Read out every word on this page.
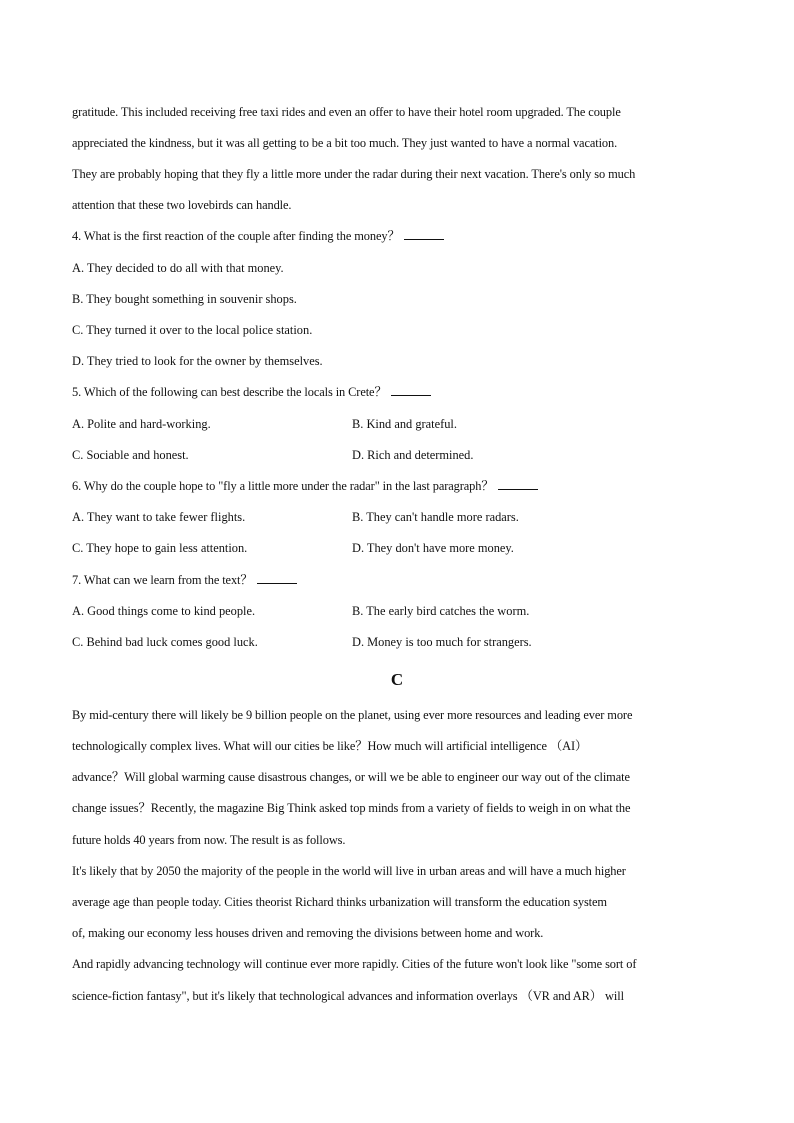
gratitude. This included receiving free taxi rides and even an offer to have their hotel room upgraded. The couple
appreciated the kindness, but it was all getting to be a bit too much. They just wanted to have a normal vacation.
They are probably hoping that they fly a little more under the radar during their next vacation. There's only so much
attention that these two lovebirds can handle.
4. What is the first reaction of the couple after finding the money？
A. They decided to do all with that money.
B. They bought something in souvenir shops.
C. They turned it over to the local police station.
D. They tried to look for the owner by themselves.
5. Which of the following can best describe the locals in Crete？
A. Polite and hard-working.	B. Kind and grateful.
C. Sociable and honest.	D. Rich and determined.
6. Why do the couple hope to "fly a little more under the radar" in the last paragraph？
A. They want to take fewer flights.	B. They can't handle more radars.
C. They hope to gain less attention.	D. They don't have more money.
7. What can we learn from the text？
A. Good things come to kind people.	B. The early bird catches the worm.
C. Behind bad luck comes good luck.	D. Money is too much for strangers.
C
By mid-century there will likely be 9 billion people on the planet, using ever more resources and leading ever more
technologically complex lives. What will our cities be like？How much will artificial intelligence （AI）
advance？Will global warming cause disastrous changes, or will we be able to engineer our way out of the climate
change issues？Recently, the magazine Big Think asked top minds from a variety of fields to weigh in on what the
future holds 40 years from now. The result is as follows.
It's likely that by 2050 the majority of the people in the world will live in urban areas and will have a much higher
average age than people today. Cities theorist Richard thinks urbanization will transform the education system
of, making our economy less houses driven and removing the divisions between home and work.
And rapidly advancing technology will continue ever more rapidly. Cities of the future won't look like "some sort of
science-fiction fantasy", but it's likely that technological advances and information overlays （VR and AR） will
